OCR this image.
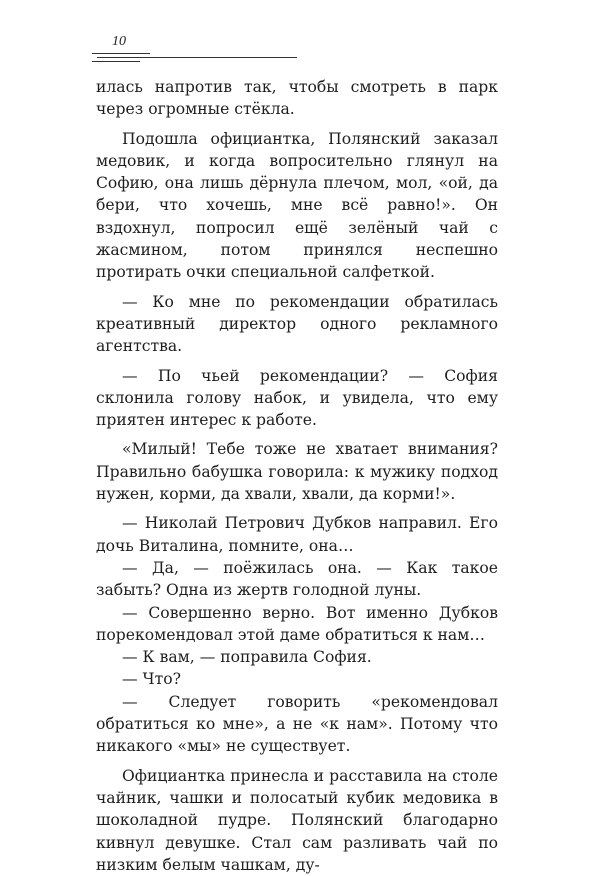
10

илась напротив так, чтобы смотреть в парк через огромные стёкла.

Подошла официантка, Полянский заказал медовик, и когда вопросительно глянул на Софию, она лишь дёрнула плечом, мол, «ой, да бери, что хочешь, мне всё равно!». Он вздохнул, попросил ещё зелёный чай с жасмином, потом принялся неспешно протирать очки специальной салфеткой.

— Ко мне по рекомендации обратилась креативный директор одного рекламного агентства.

— По чьей рекомендации? — София склонила голову набок, и увидела, что ему приятен интерес к работе.

«Милый! Тебе тоже не хватает внимания? Правильно бабушка говорила: к мужику подход нужен, корми, да хвали, хвали, да корми!».

— Николай Петрович Дубков направил. Его дочь Виталина, помните, она…

— Да, — поёжилась она. — Как такое забыть? Одна из жертв голодной луны.

— Совершенно верно. Вот именно Дубков порекомендовал этой даме обратиться к нам…

— К вам, — поправила София.

— Что?

— Следует говорить «рекомендовал обратиться ко мне», а не «к нам». Потому что никакого «мы» не существует.

Официантка принесла и расставила на столе чайник, чашки и полосатый кубик медовика в шоколадной пудре. Полянский благодарно кивнул девушке. Стал сам разливать чай по низким белым чашкам, ду-
